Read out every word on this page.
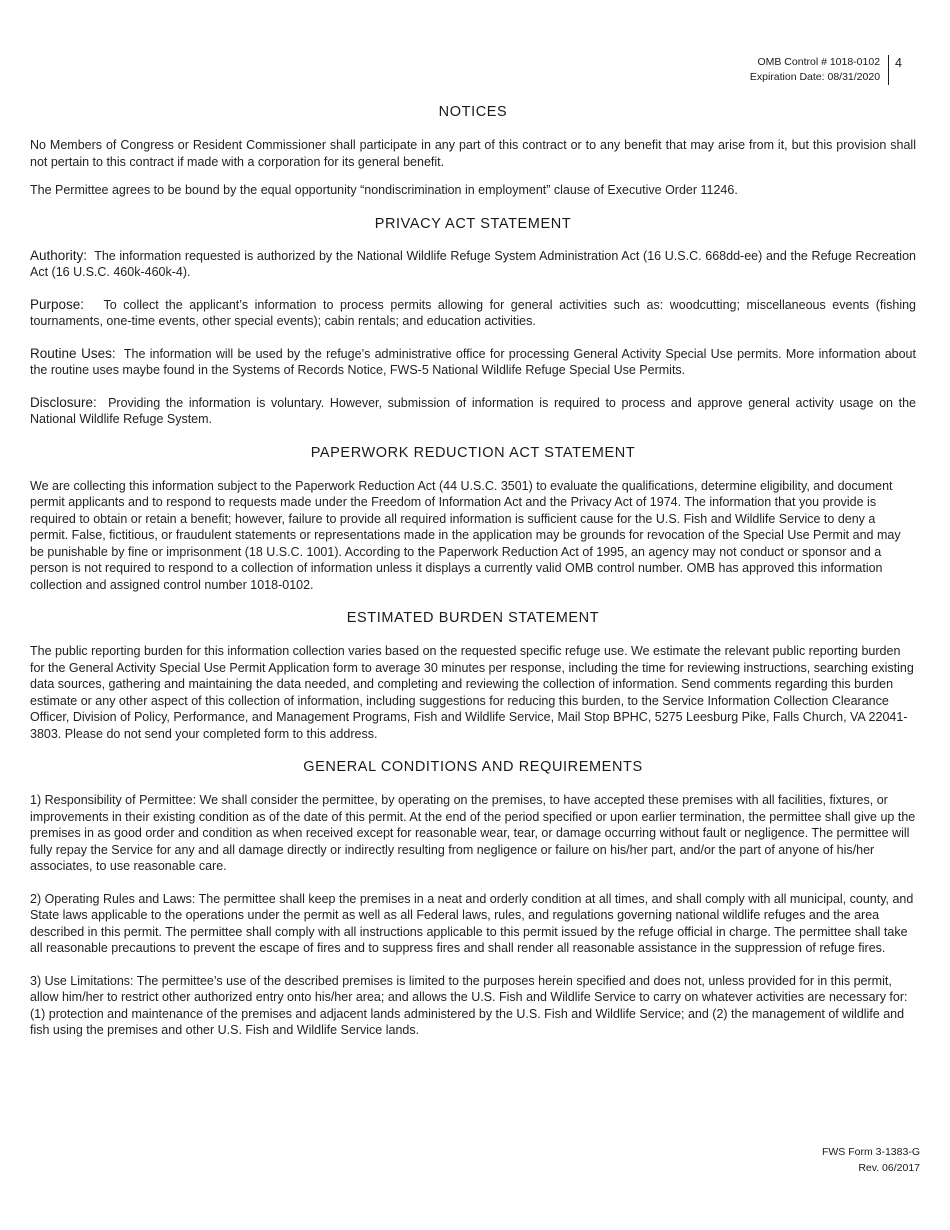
OMB Control # 1018-0102
Expiration Date: 08/31/2020
4
NOTICES

No Members of Congress or Resident Commissioner shall participate in any part of this contract or to any benefit that may arise from it, but this provision shall not pertain to this contract if made with a corporation for its general benefit.

The Permittee agrees to be bound by the equal opportunity “nondiscrimination in employment” clause of Executive Order 11246.

PRIVACY ACT STATEMENT

Authority: The information requested is authorized by the National Wildlife Refuge System Administration Act (16 U.S.C. 668dd-ee) and the Refuge Recreation Act (16 U.S.C. 460k-460k-4).

Purpose: To collect the applicant’s information to process permits allowing for general activities such as: woodcutting; miscellaneous events (fishing tournaments, one-time events, other special events); cabin rentals; and education activities.

Routine Uses: The information will be used by the refuge’s administrative office for processing General Activity Special Use permits. More information about the routine uses maybe found in the Systems of Records Notice, FWS-5 National Wildlife Refuge Special Use Permits.

Disclosure: Providing the information is voluntary. However, submission of information is required to process and approve general activity usage on the National Wildlife Refuge System.

PAPERWORK REDUCTION ACT STATEMENT

We are collecting this information subject to the Paperwork Reduction Act (44 U.S.C. 3501) to evaluate the qualifications, determine eligibility, and document permit applicants and to respond to requests made under the Freedom of Information Act and the Privacy Act of 1974. The information that you provide is required to obtain or retain a benefit; however, failure to provide all required information is sufficient cause for the U.S. Fish and Wildlife Service to deny a permit. False, fictitious, or fraudulent statements or representations made in the application may be grounds for revocation of the Special Use Permit and may be punishable by fine or imprisonment (18 U.S.C. 1001). According to the Paperwork Reduction Act of 1995, an agency may not conduct or sponsor and a person is not required to respond to a collection of information unless it displays a currently valid OMB control number. OMB has approved this information collection and assigned control number 1018-0102.

ESTIMATED BURDEN STATEMENT

The public reporting burden for this information collection varies based on the requested specific refuge use. We estimate the relevant public reporting burden for the General Activity Special Use Permit Application form to average 30 minutes per response, including the time for reviewing instructions, searching existing data sources, gathering and maintaining the data needed, and completing and reviewing the collection of information. Send comments regarding this burden estimate or any other aspect of this collection of information, including suggestions for reducing this burden, to the Service Information Collection Clearance Officer, Division of Policy, Performance, and Management Programs, Fish and Wildlife Service, Mail Stop BPHC, 5275 Leesburg Pike, Falls Church, VA 22041-3803. Please do not send your completed form to this address.

GENERAL CONDITIONS AND REQUIREMENTS

1) Responsibility of Permittee: We shall consider the permittee, by operating on the premises, to have accepted these premises with all facilities, fixtures, or improvements in their existing condition as of the date of this permit. At the end of the period specified or upon earlier termination, the permittee shall give up the premises in as good order and condition as when received except for reasonable wear, tear, or damage occurring without fault or negligence. The permittee will fully repay the Service for any and all damage directly or indirectly resulting from negligence or failure on his/her part, and/or the part of anyone of his/her associates, to use reasonable care.

2) Operating Rules and Laws: The permittee shall keep the premises in a neat and orderly condition at all times, and shall comply with all municipal, county, and State laws applicable to the operations under the permit as well as all Federal laws, rules, and regulations governing national wildlife refuges and the area described in this permit. The permittee shall comply with all instructions applicable to this permit issued by the refuge official in charge. The permittee shall take all reasonable precautions to prevent the escape of fires and to suppress fires and shall render all reasonable assistance in the suppression of refuge fires.

3) Use Limitations: The permittee’s use of the described premises is limited to the purposes herein specified and does not, unless provided for in this permit, allow him/her to restrict other authorized entry onto his/her area; and allows the U.S. Fish and Wildlife Service to carry on whatever activities are necessary for: (1) protection and maintenance of the premises and adjacent lands administered by the U.S. Fish and Wildlife Service; and (2) the management of wildlife and fish using the premises and other U.S. Fish and Wildlife Service lands.

FWS Form 3-1383-G
Rev. 06/2017
